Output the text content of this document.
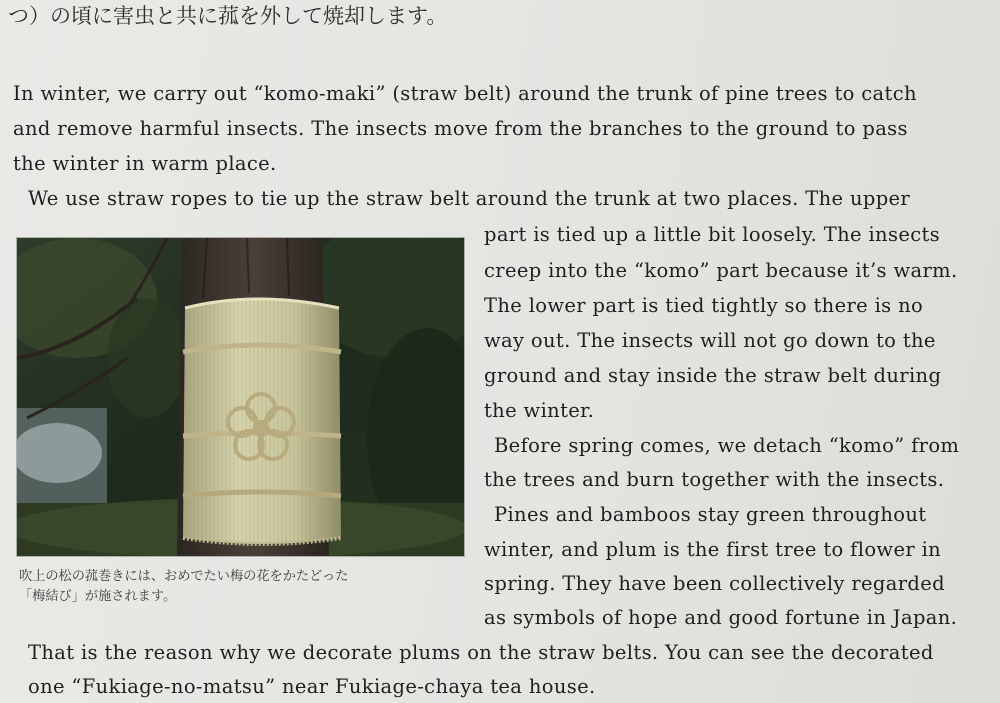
つ）の頃に害虫と共に菰を外して焼却します。
In winter, we carry out “komo-maki” (straw belt) around the trunk of pine trees to catch
and remove harmful insects. The insects move from the branches to the ground to pass
the winter in warm place.
We use straw ropes to tie up the straw belt around the trunk at two places. The upper
part is tied up a little bit loosely. The insects
creep into the “komo” part because it’s warm.
The lower part is tied tightly so there is no
way out. The insects will not go down to the
ground and stay inside the straw belt during
the winter.
Before spring comes, we detach “komo” from
the trees and burn together with the insects.
Pines and bamboos stay green throughout
winter, and plum is the first tree to flower in
spring. They have been collectively regarded
as symbols of hope and good fortune in Japan.
That is the reason why we decorate plums on the straw belts. You can see the decorated
one “Fukiage-no-matsu” near Fukiage-chaya tea house.
吹上の松の菰巻きには、おめでたい梅の花をかたどった
「梅結び」が施されます。
